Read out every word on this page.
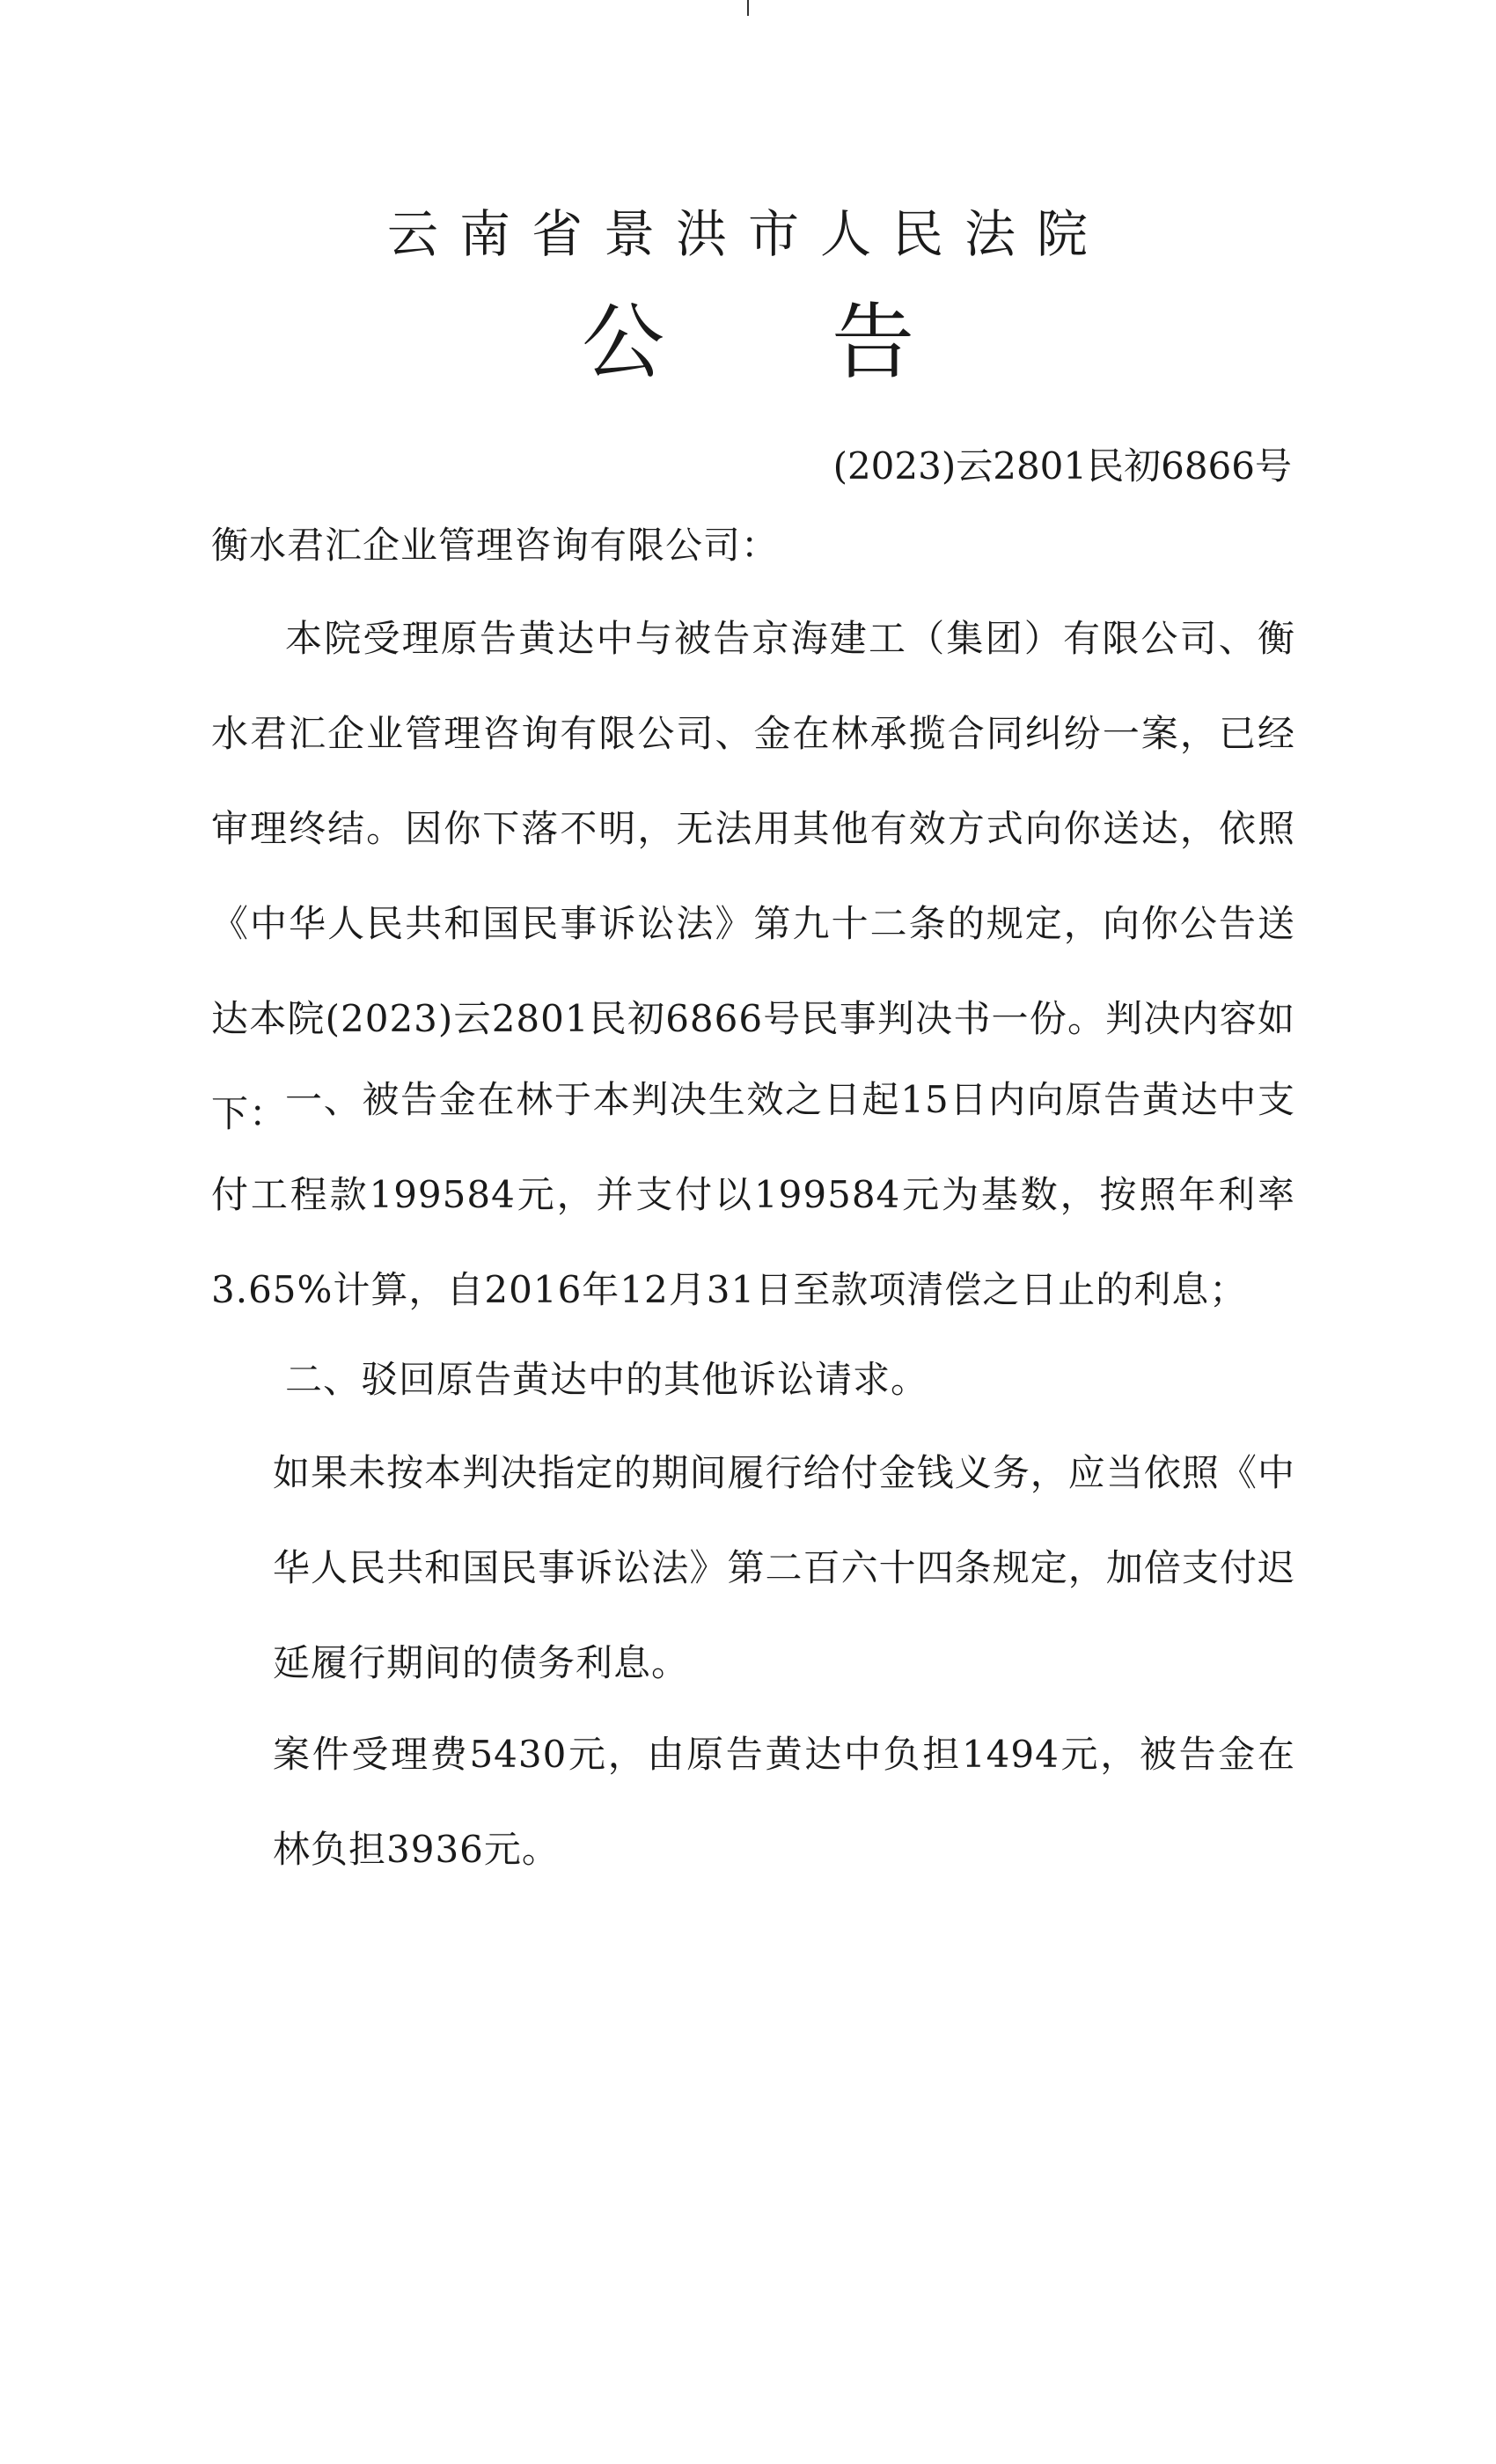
云南省景洪市人民法院
公告
(2023)云2801民初6866号
衡水君汇企业管理咨询有限公司：
本院受理原告黄达中与被告京海建工（集团）有限公司、衡水君汇企业管理咨询有限公司、金在林承揽合同纠纷一案，已经审理终结。因你下落不明，无法用其他有效方式向你送达，依照《中华人民共和国民事诉讼法》第九十二条的规定，向你公告送达本院(2023)云2801民初6866号民事判决书一份。判决内容如下：
一、被告金在林于本判决生效之日起15日内向原告黄达中支付工程款199584元，并支付以199584元为基数，按照年利率3.65%计算，自2016年12月31日至款项清偿之日止的利息；
二、驳回原告黄达中的其他诉讼请求。
如果未按本判决指定的期间履行给付金钱义务，应当依照《中华人民共和国民事诉讼法》第二百六十四条规定，加倍支付迟延履行期间的债务利息。
案件受理费5430元，由原告黄达中负担1494元，被告金在林负担3936元。
